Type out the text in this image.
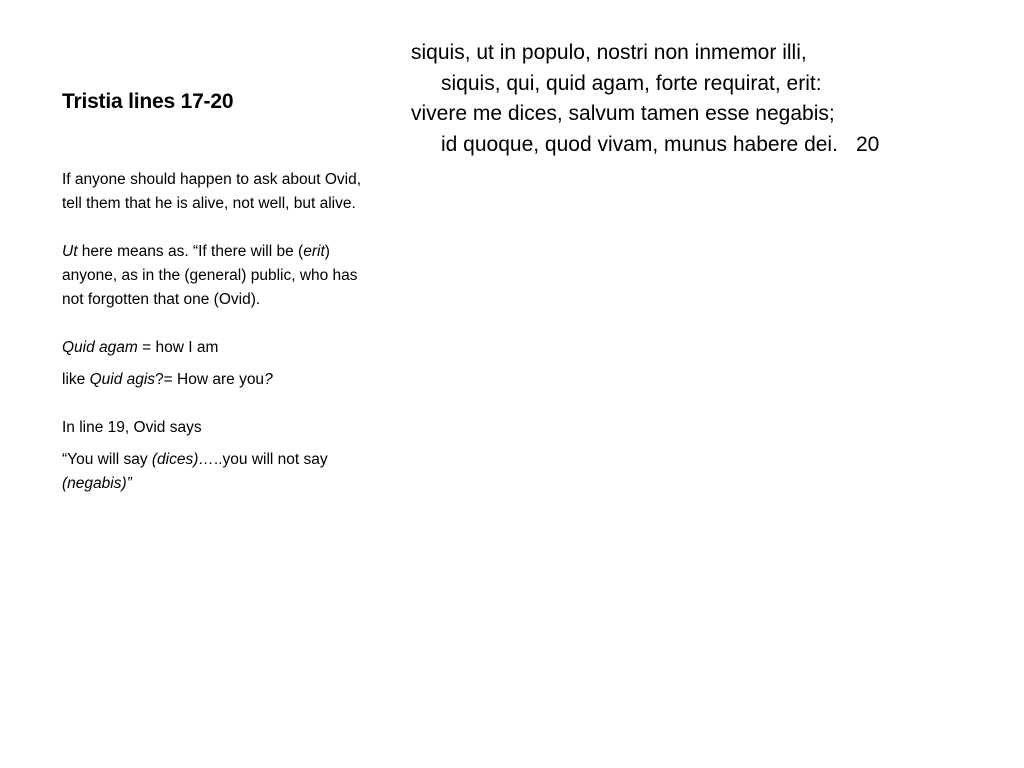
Tristia lines 17-20

If anyone should happen to ask about Ovid, tell them that he is alive, not well, but alive.

Ut here means as. “If there will be (erit) anyone, as in the (general) public, who has not forgotten that one (Ovid).

Quid agam = how I am

like Quid agis?= How are you?

In line 19, Ovid says

“You will say (dices)…..you will not say (negabis)”

siquis, ut in populo, nostri non inmemor illi,
siquis, qui, quid agam, forte requirat, erit:
vivere me dices, salvum tamen esse negabis;
id quoque, quod vivam, munus habere dei. 20
